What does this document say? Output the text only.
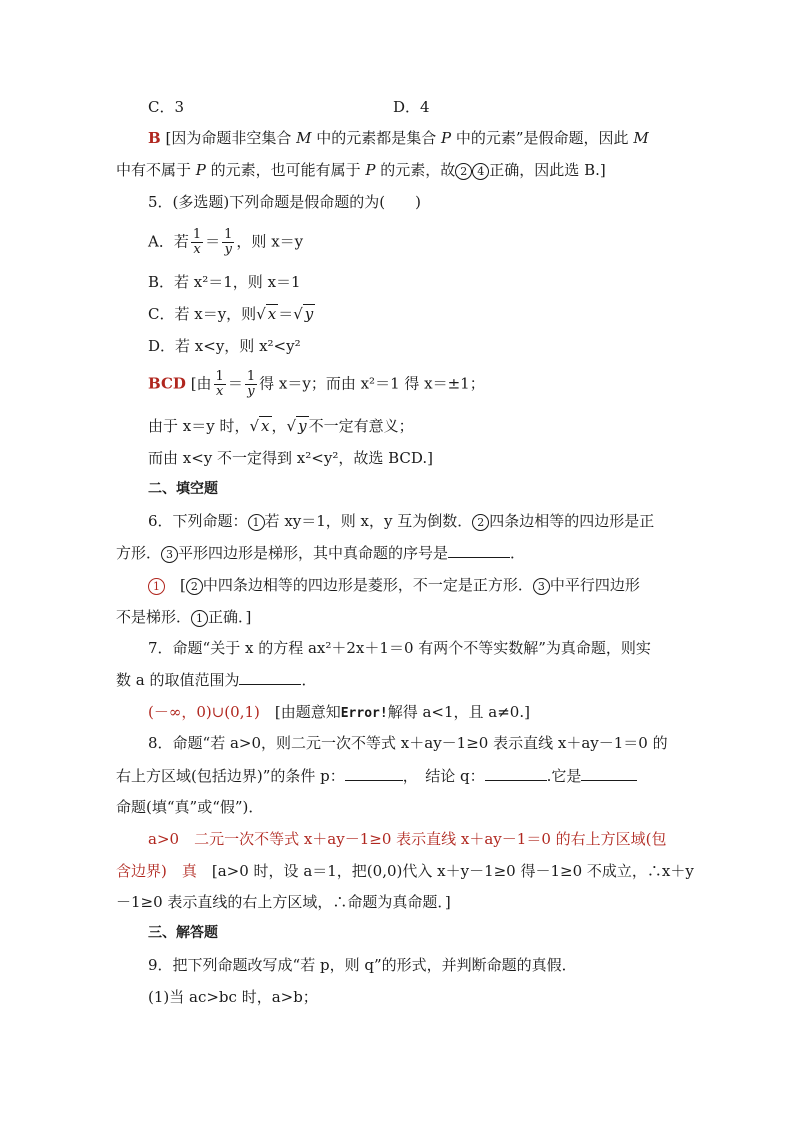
C．3	D．4
B [因为命题非空集合 M 中的元素都是集合 P 中的元素”是假命题，因此 M
中有不属于 P 的元素，也可能有属于 P 的元素，故 2 4 正确，因此选 B.]
5．(多选题)下列命题是假命题的为(　　)
A．若 $\frac{1}{x} = \frac{1}{y}$ ，则 x＝y
B．若 x²＝1，则 x＝1
C．若 x＝y，则√ x ＝√ y
D．若 x<y，则 x²<y²
BCD [由 $\frac{1}{x} = \frac{1}{y}$ 得 x＝y；而由 x²＝1 得 x＝±1；
由于 x＝y 时，√ x ，√ y 不一定有意义；
而由 x<y 不一定得到 x²<y²，故选 BCD.]
二、填空题
6．下列命题： 1 若 xy＝1，则 x，y 互为倒数． 2 四条边相等的四边形是正
方形． 3 平形四边形是梯形，其中真命题的序号是	．
1　[ 2 中四条边相等的四边形是菱形，不一定是正方形． 3 中平行四边形
不是梯形． 1 正确．]
7．命题“关于 x 的方程 ax²＋2x＋1＝0 有两个不等实数解”为真命题，则实
数 a 的取值范围为	．
(－∞，0)∪(0,1)　[由题意知Error!解得 a<1，且 a≠0.]
8．命题“若 a>0，则二元一次不等式 x＋ay－1≥0 表示直线 x＋ay－1＝0 的
右上方区域(包括边界)”的条件 p：	，　结论 q：	.它是
命题(填“真”或“假”)．
a>0　二元一次不等式 x＋ay－1≥0 表示直线 x＋ay－1＝0 的右上方区域(包
含边界)　真　[a>0 时，设 a＝1，把(0,0)代入 x＋y－1≥0 得－1≥0 不成立，∴x＋y
－1≥0 表示直线的右上方区域，∴命题为真命题．]
三、解答题
9．把下列命题改写成“若 p，则 q”的形式，并判断命题的真假．
(1)当 ac>bc 时，a>b；
